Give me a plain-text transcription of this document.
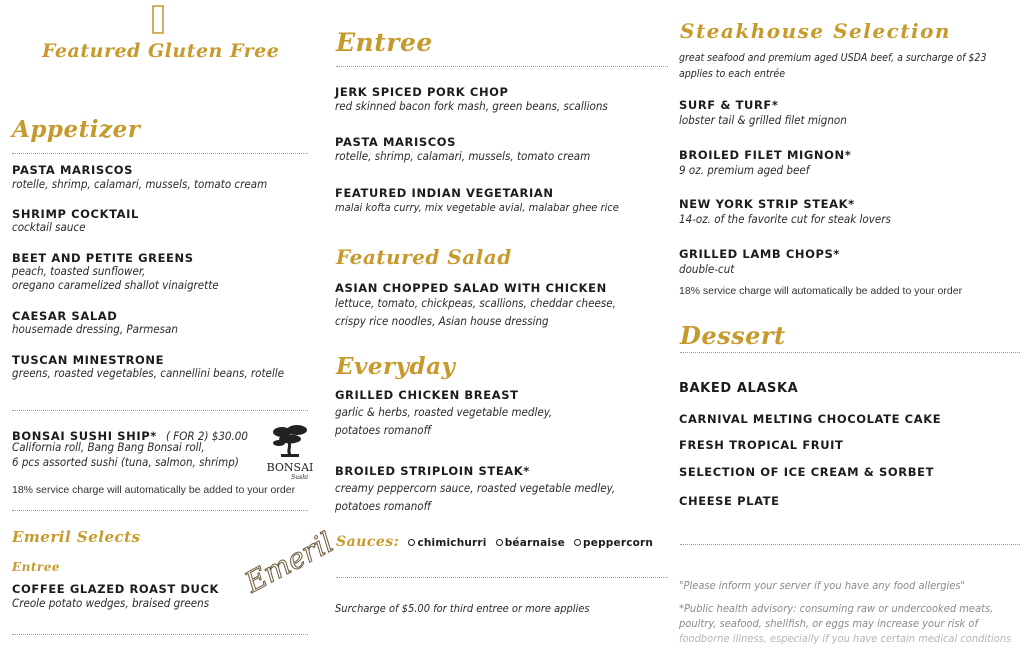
Featured Gluten Free
Appetizer
PASTA MARISCOS
rotelle, shrimp, calamari, mussels, tomato cream
SHRIMP COCKTAIL
cocktail sauce
BEET AND PETITE GREENS
peach, toasted sunflower,
oregano caramelized shallot vinaigrette
CAESAR SALAD
housemade dressing, Parmesan
TUSCAN MINESTRONE
greens, roasted vegetables, cannellini beans, rotelle
BONSAI SUSHI SHIP* ( FOR 2) $30.00
California roll, Bang Bang Bonsai roll,
6 pcs assorted sushi (tuna, salmon, shrimp)	BONSAI
Sushi
18% service charge will automatically be added to your order
Emeril Selects
Entree
COFFEE GLAZED ROAST DUCK
Creole potato wedges, braised greens
Emeril
Entree
JERK SPICED PORK CHOP
red skinned bacon fork mash, green beans, scallions
PASTA MARISCOS
rotelle, shrimp, calamari, mussels, tomato cream
FEATURED INDIAN VEGETARIAN
malai kofta curry, mix vegetable avial, malabar ghee rice
Featured Salad
ASIAN CHOPPED SALAD WITH CHICKEN
lettuce, tomato, chickpeas, scallions, cheddar cheese,
crispy rice noodles, Asian house dressing
Everyday
GRILLED CHICKEN BREAST
garlic & herbs, roasted vegetable medley,
potatoes romanoff
BROILED STRIPLOIN STEAK*
creamy peppercorn sauce, roasted vegetable medley,
potatoes romanoff
Sauces: chimichurri béarnaise peppercorn
Surcharge of $5.00 for third entree or more applies
Steakhouse Selection
great seafood and premium aged USDA beef, a surcharge of $23
applies to each entrée
SURF & TURF*
lobster tail & grilled filet mignon
BROILED FILET MIGNON*
9 oz. premium aged beef
NEW YORK STRIP STEAK*
14-oz. of the favorite cut for steak lovers
GRILLED LAMB CHOPS*
double-cut
18% service charge will automatically be added to your order
Dessert
BAKED ALASKA
CARNIVAL MELTING CHOCOLATE CAKE
FRESH TROPICAL FRUIT
SELECTION OF ICE CREAM & SORBET
CHEESE PLATE
"Please inform your server if you have any food allergies"
*Public health advisory: consuming raw or undercooked meats,
poultry, seafood, shellfish, or eggs may increase your risk of
foodborne illness, especially if you have certain medical conditions
